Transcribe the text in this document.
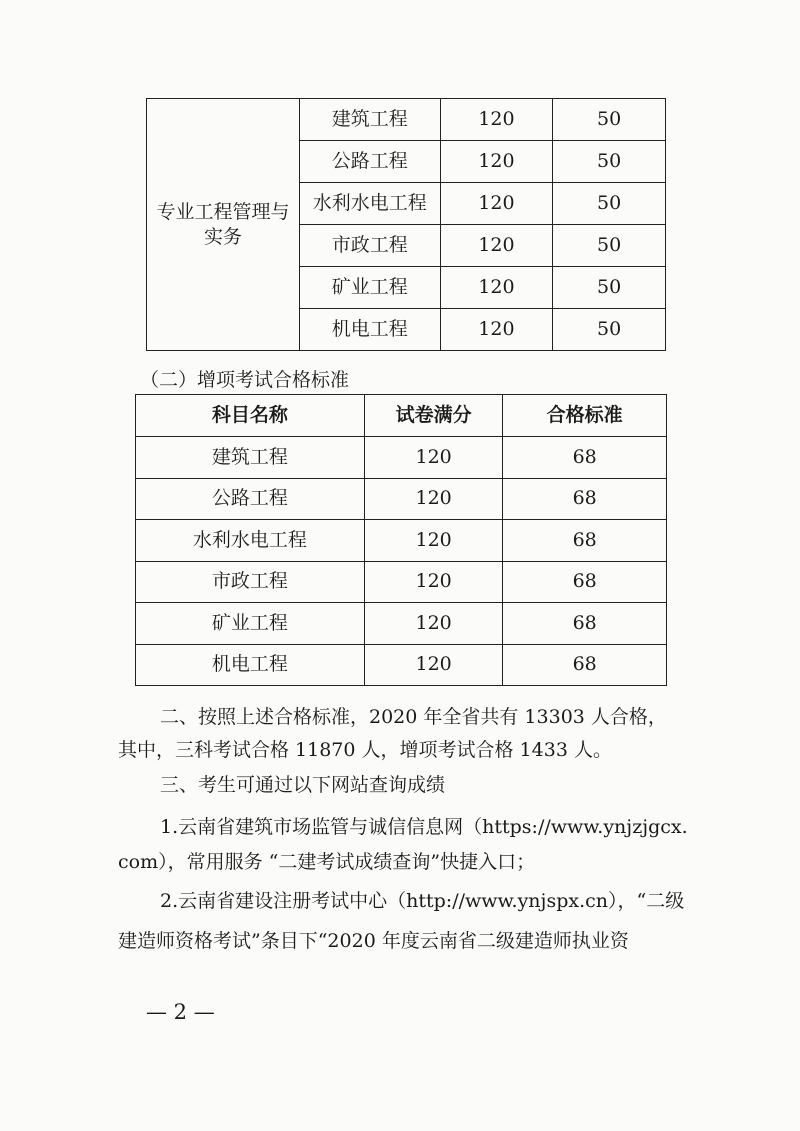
专业工程管理与实务	建筑工程	120	50
	公路工程	120	50
	水利水电工程	120	50
	市政工程	120	50
	矿业工程	120	50
	机电工程	120	50
（二）增项考试合格标准
科目名称	试卷满分	合格标准
建筑工程	120	68
公路工程	120	68
水利水电工程	120	68
市政工程	120	68
矿业工程	120	68
机电工程	120	68
二、按照上述合格标准，2020 年全省共有 13303 人合格，
其中，三科考试合格 11870 人，增项考试合格 1433 人。
三、考生可通过以下网站查询成绩
1.云南省建筑市场监管与诚信信息网（https://www.ynjzjgcx.
com），常用服务 “二建考试成绩查询”快捷入口；
2.云南省建设注册考试中心（http://www.ynjspx.cn），“二级
建造师资格考试”条目下“2020 年度云南省二级建造师执业资
— 2 —
